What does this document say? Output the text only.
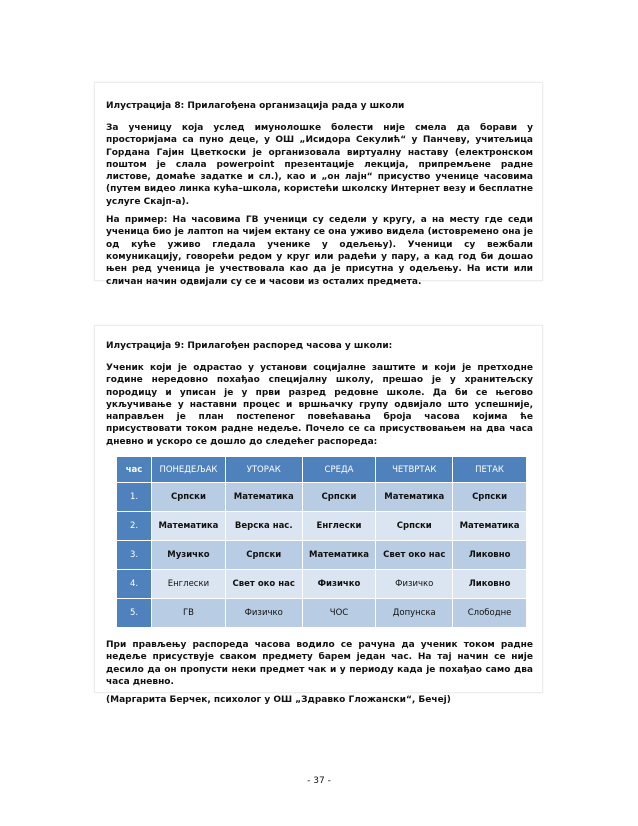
Илустрација 8: Прилагођена организација рада у школи
За ученицу која услед имунолошке болести није смела да борави у просторијама са пуно деце, у ОШ „Исидора Секулић“ у Панчеву, учитељица Гордана Гајин Цветкоски је организовала виртуалну наставу (електронском поштом је слала powerpoint презентације лекција, припремљене радне листове, домаће задатке и сл.), као и „он лајн“ присуство ученице часовима (путем видео линка кућа–школа, користећи школску Интернет везу и бесплатне услуге Скајп-а).
На пример: На часовима ГВ ученици су седели у кругу, а на месту где седи ученица био је лаптоп на чијем ектану се она уживо видела (истовремено она је од куће уживо гледала ученике у одељењу). Ученици су вежбали комуникацију, говорећи редом у круг или радећи у пару, а кад год би дошао њен ред ученица је учествовала као да је присутна у одељењу. На исти или сличан начин одвијали су се и часови из осталих предмета.
Илустрација 9: Прилагођен распоред часова у школи:
Ученик који је одрастао у установи социјалне заштите и који је претходне године нередовно похађао специјалну школу, прешао је у хранитељску породицу и уписан је у први разред редовне школе. Да би се његово укључивање у наставни процес и вршњачку групу одвијало што успешније, направљен је план постепеног повећавања броја часова којима ће присуствовати током радне недеље. Почело се са присуствовањем на два часа дневно и ускоро се дошло до следећег распореда:
час	ПОНЕДЕЉАК	УТОРАК	СРЕДА	ЧЕТВРТАК	ПЕТАК
1.	Српски	Математика	Српски	Математика	Српски
2.	Математика	Верска нас.	Енглески	Српски	Математика
3.	Музичко	Српски	Математика	Свет око нас	Ликовно
4.	Енглески	Свет око нас	Физичко	Физичко	Ликовно
5.	ГВ	Физичко	ЧОС	Допунска	Слободне
При прављењу распореда часова водило се рачуна да ученик током радне недеље присуствује сваком предмету барем један час. На тај начин се није десило да он пропусти неки предмет чак и у периоду када је похађао само два часа дневно.
(Маргарита Берчек, психолог у ОШ „Здравко Гложански“, Бечеј)
- 37 -
